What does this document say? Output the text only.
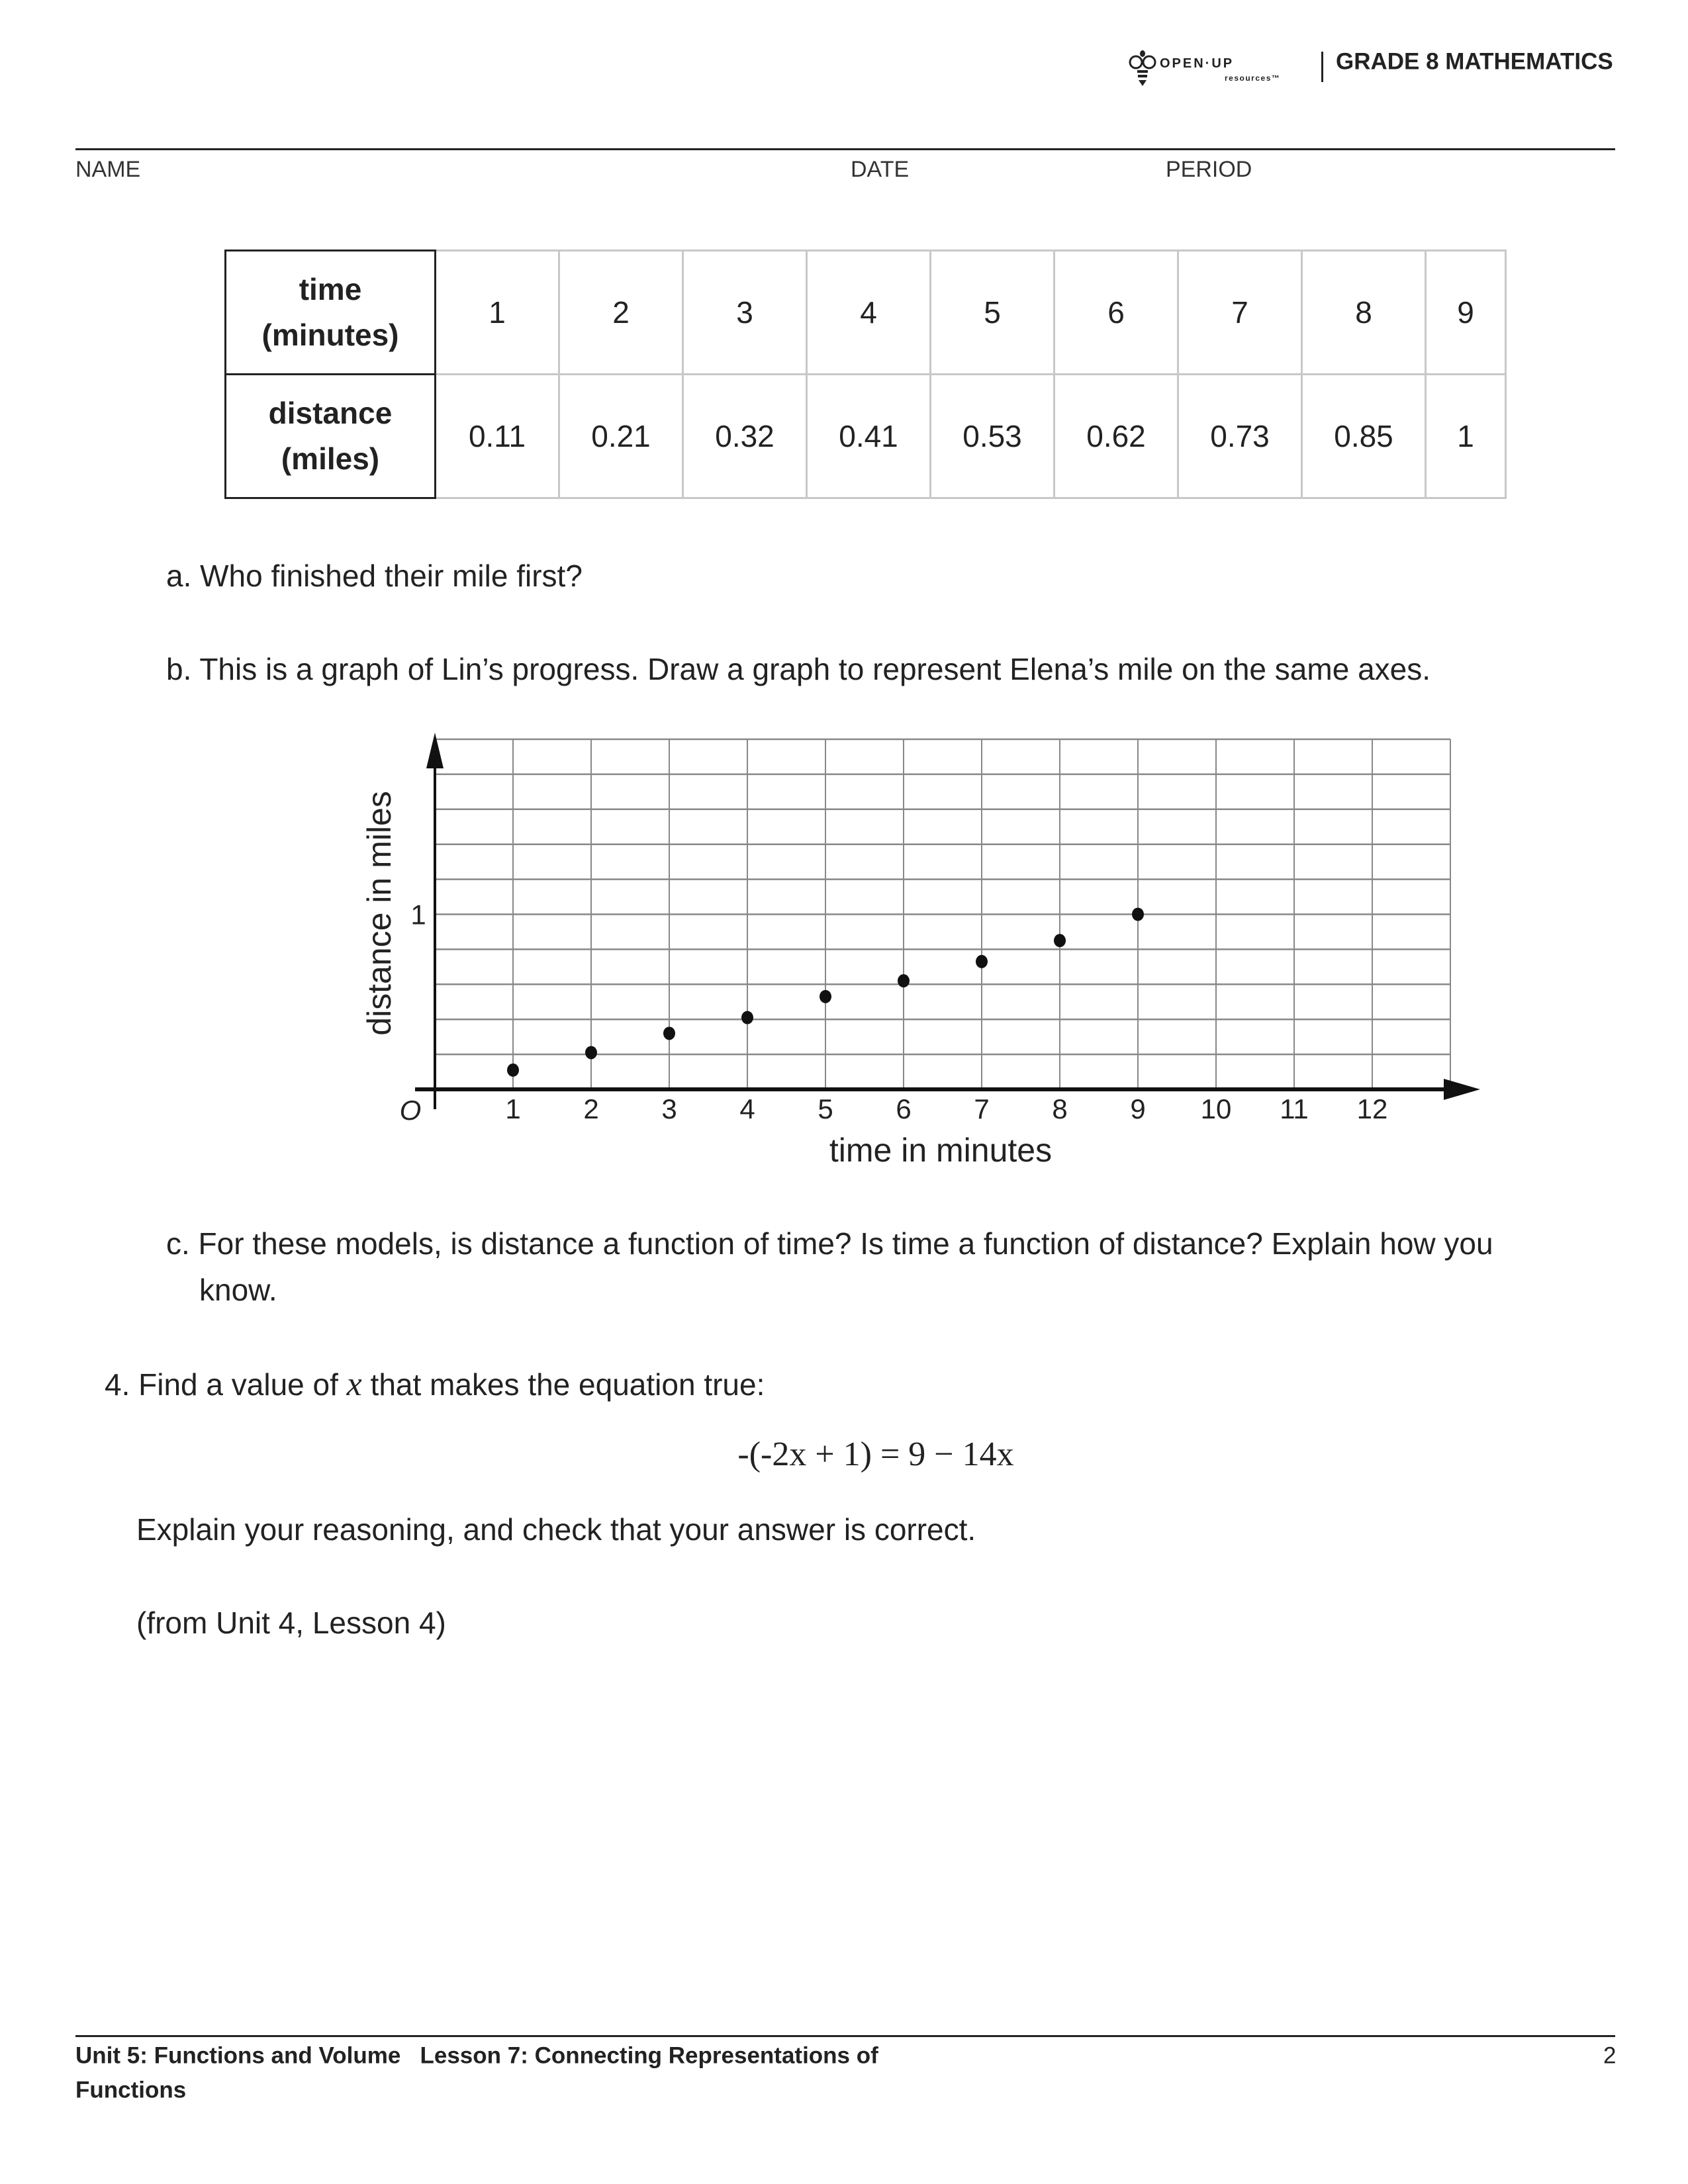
OPEN·UP
resources™
GRADE 8 MATHEMATICS
NAME	DATE	PERIOD
time
(minutes)	1	2	3	4	5	6	7	8	9
distance
(miles)	0.11	0.21	0.32	0.41	0.53	0.62	0.73	0.85	1
a. Who finished their mile first?
b. This is a graph of Lin’s progress. Draw a graph to represent Elena’s mile on the same axes.
1 2 3 4 5 6 7 8 9 10 11 12
1
O
time in minutes
distance in miles
c. For these models, is distance a function of time? Is time a function of distance? Explain how you
know.
4. Find a value of x that makes the equation true:
-(-2x + 1) = 9 − 14x
Explain your reasoning, and check that your answer is correct.
(from Unit 4, Lesson 4)
Unit 5: Functions and Volume   Lesson 7: Connecting Representations of
Functions
2
